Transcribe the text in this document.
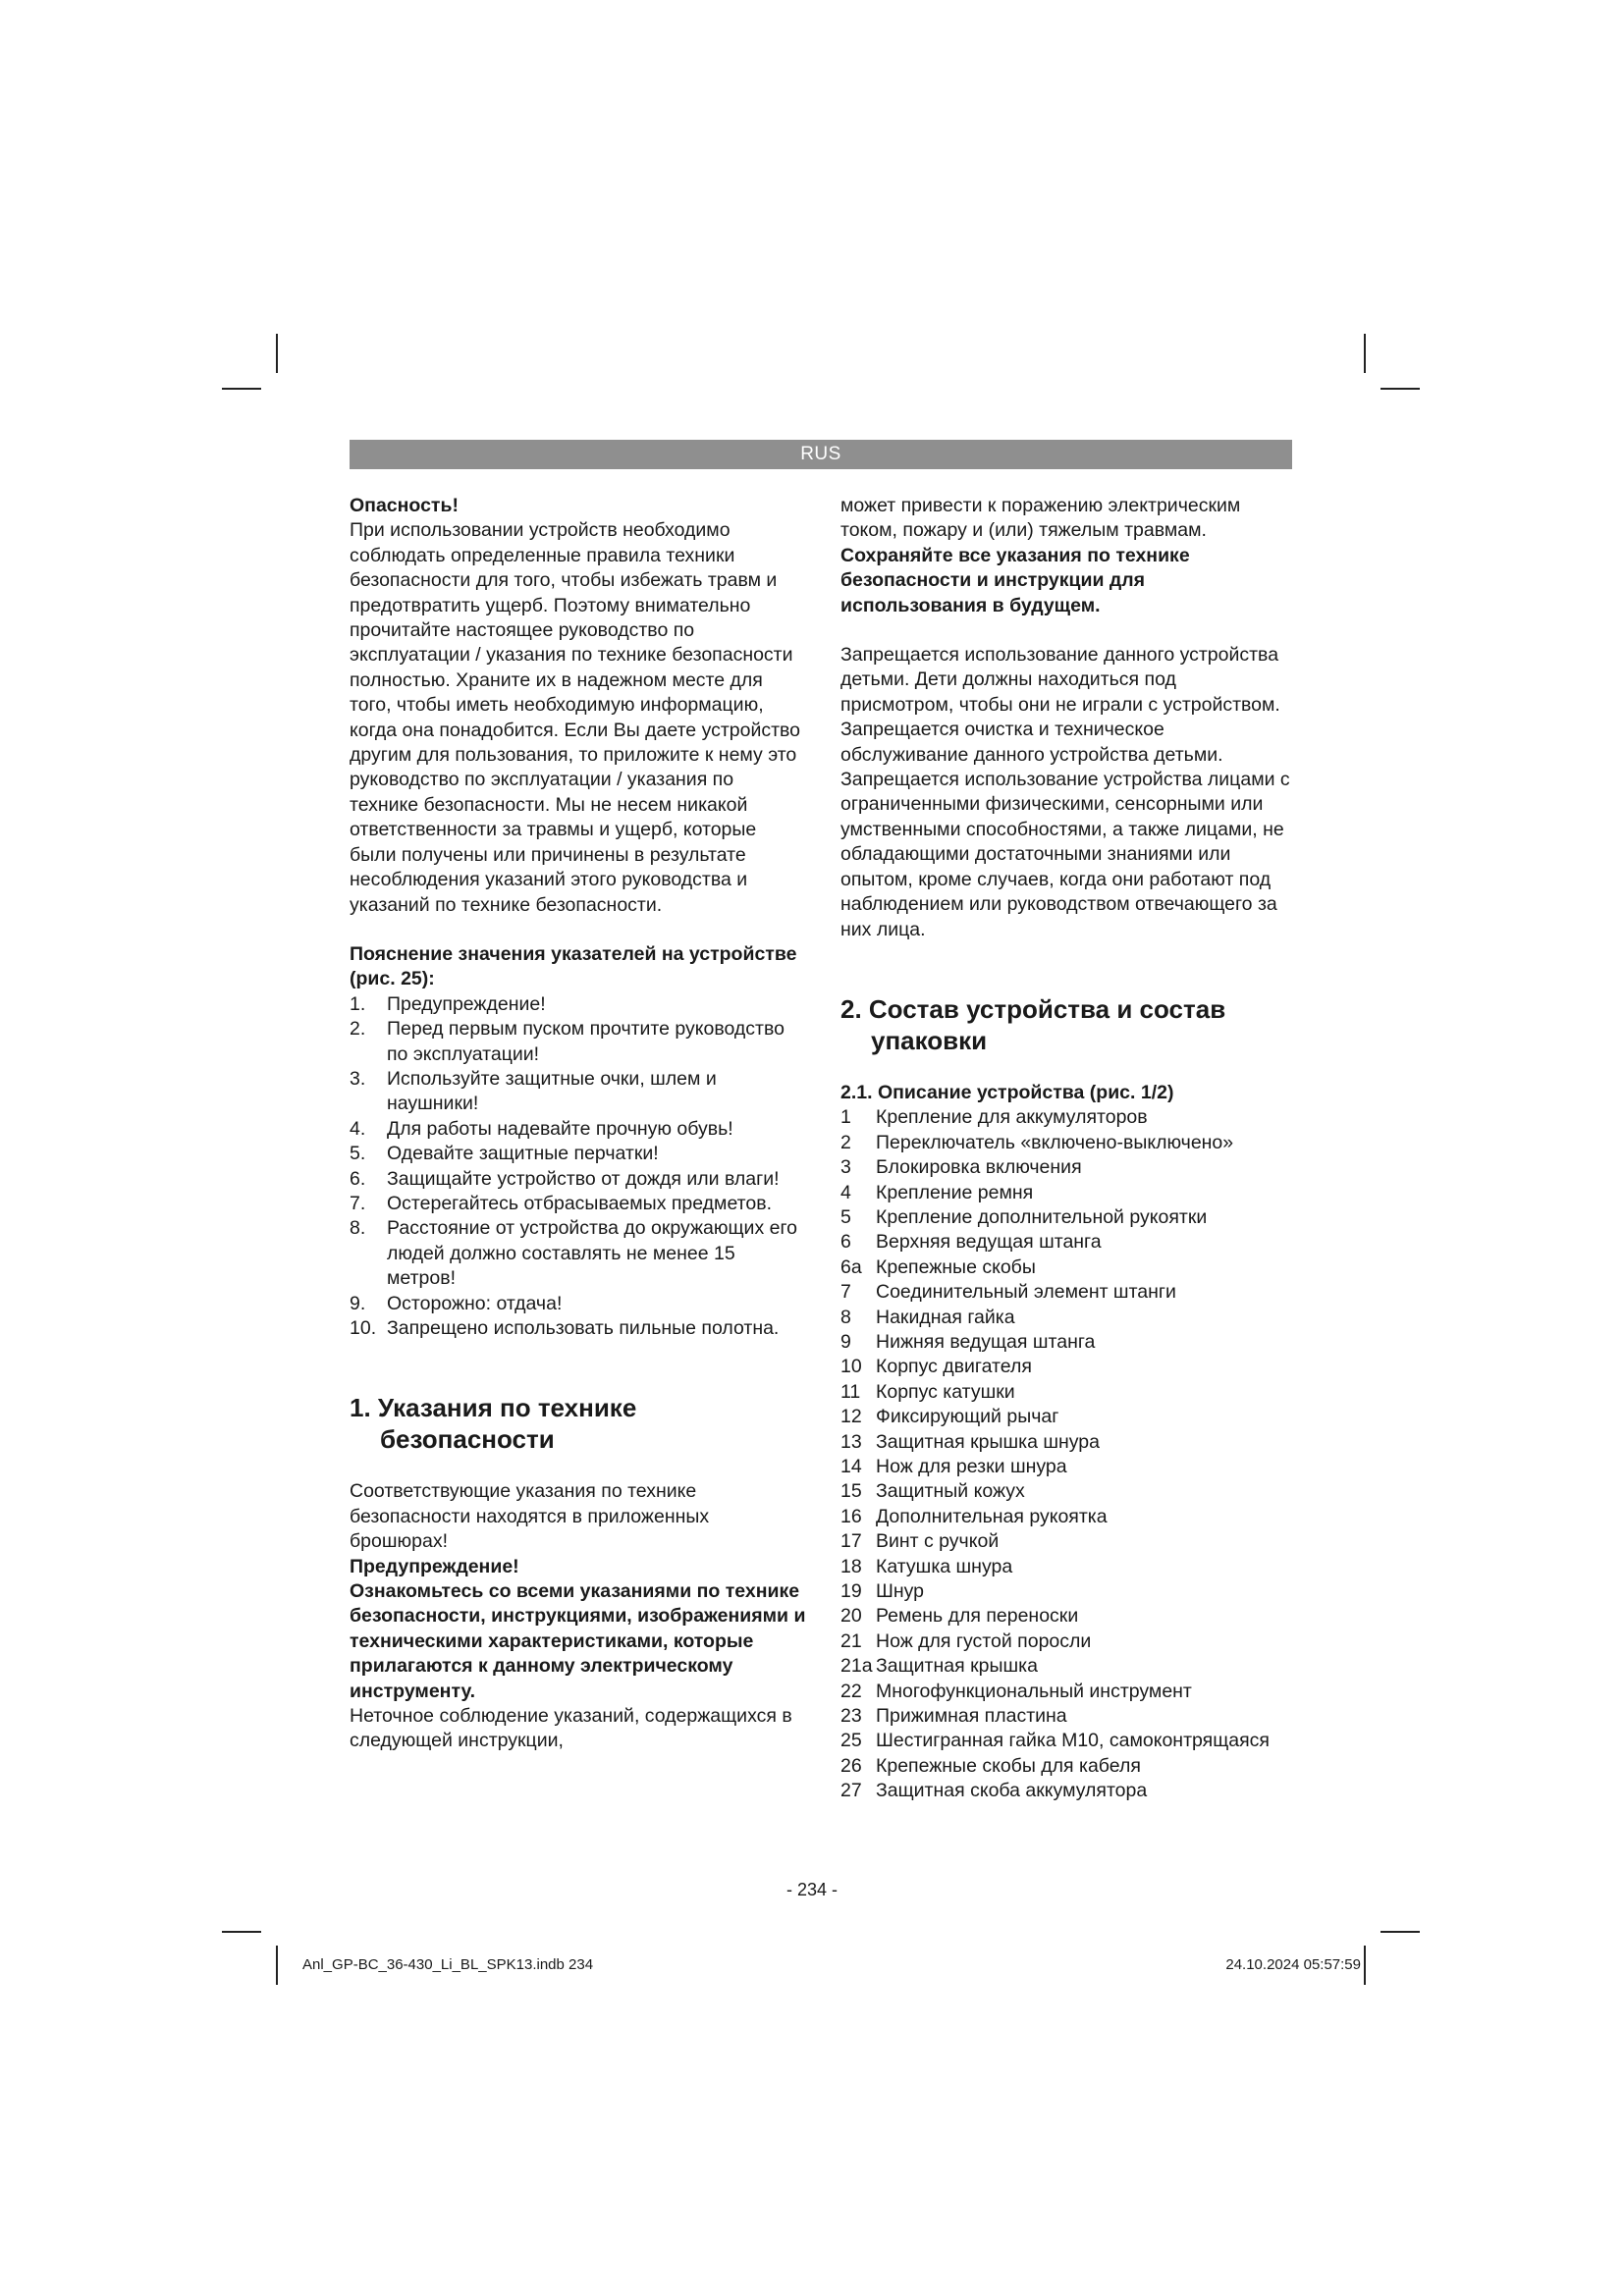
RUS

Опасность!

При использовании устройств необходимо соблюдать определенные правила техники безопасности для того, чтобы избежать травм и предотвратить ущерб. Поэтому внимательно прочитайте настоящее руководство по эксплуатации / указания по технике безопасности полностью. Храните их в надежном месте для того, чтобы иметь необходимую информацию, когда она понадобится. Если Вы даете устройство другим для пользования, то приложите к нему это руководство по эксплуатации / указания по технике безопасности. Мы не несем никакой ответственности за травмы и ущерб, которые были получены или причинены в результате несоблюдения указаний этого руководства и указаний по технике безопасности.

Пояснение значения указателей на устройстве (рис. 25):

1. Предупреждение!
2. Перед первым пуском прочтите руководство по эксплуатации!
3. Используйте защитные очки, шлем и наушники!
4. Для работы надевайте прочную обувь!
5. Одевайте защитные перчатки!
6. Защищайте устройство от дождя или влаги!
7. Остерегайтесь отбрасываемых предметов.
8. Расстояние от устройства до окружающих его людей должно составлять не менее 15 метров!
9. Осторожно: отдача!
10. Запрещено использовать пильные полотна.
1. Указания по технике безопасности

Соответствующие указания по технике безопасности находятся в приложенных брошюрах!

Предупреждение!

Ознакомьтесь со всеми указаниями по технике безопасности, инструкциями, изображениями и техническими характеристиками, которые прилагаются к данному электрическому инструменту.

Неточное соблюдение указаний, содержащихся в следующей инструкции,

может привести к поражению электрическим током, пожару и (или) тяжелым травмам.

Сохраняйте все указания по технике безопасности и инструкции для использования в будущем.

Запрещается использование данного устройства детьми. Дети должны находиться под присмотром, чтобы они не играли с устройством. Запрещается очистка и техническое обслуживание данного устройства детьми. Запрещается использование устройства лицами с ограниченными физическими, сенсорными или умственными способностями, а также лицами, не обладающими достаточными знаниями или опытом, кроме случаев, когда они работают под наблюдением или руководством отвечающего за них лица.

2. Состав устройства и состав упаковки

2.1. Описание устройства (рис. 1/2)

1 Крепление для аккумуляторов
2 Переключатель «включено-выключено»
3 Блокировка включения
4 Крепление ремня
5 Крепление дополнительной рукоятки
6 Верхняя ведущая штанга
6a Крепежные скобы
7 Соединительный элемент штанги
8 Накидная гайка
9 Нижняя ведущая штанга
10 Корпус двигателя
11 Корпус катушки
12 Фиксирующий рычаг
13 Защитная крышка шнура
14 Нож для резки шнура
15 Защитный кожух
16 Дополнительная рукоятка
17 Винт с ручкой
18 Катушка шнура
19 Шнур
20 Ремень для переноски
21 Нож для густой поросли
21a Защитная крышка
22 Многофункциональный инструмент
23 Прижимная пластина
25 Шестигранная гайка M10, самоконтрящаяся
26 Крепежные скобы для кабеля
27 Защитная скоба аккумулятора
- 234 -
Anl_GP-BC_36-430_Li_BL_SPK13.indb 234	24.10.2024 05:57:59
